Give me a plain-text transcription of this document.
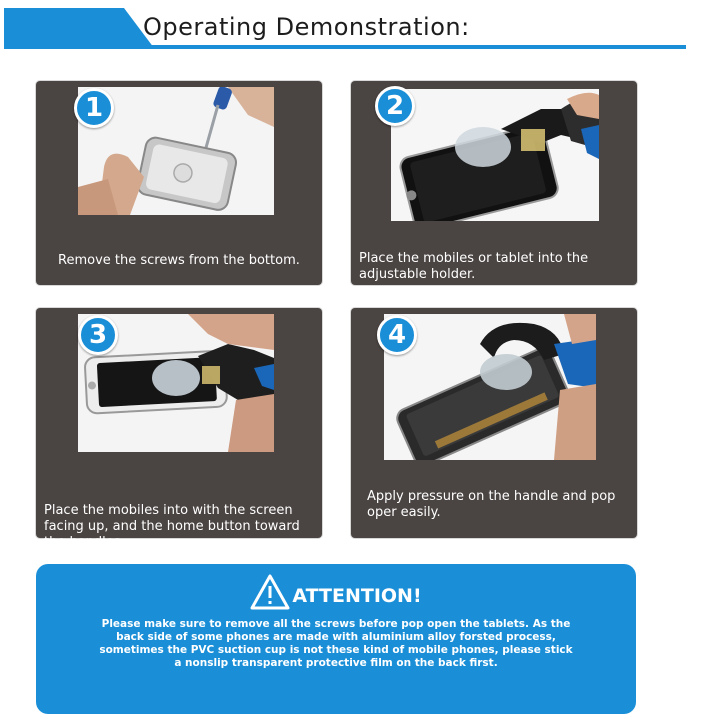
Operating Demonstration:
1
Remove the screws from the bottom.
2
Place the mobiles or tablet into the adjustable holder.
3
Place the mobiles into with the screen facing up, and the home button toward the handles.
4
Apply pressure on the handle and pop oper easily.
ATTENTION!
Please make sure to remove all the screws before pop open the tablets. As the back side of some phones are made with aluminium alloy forsted process, sometimes the PVC suction cup is not these kind of mobile phones, please stick a nonslip transparent protective film on the back first.
